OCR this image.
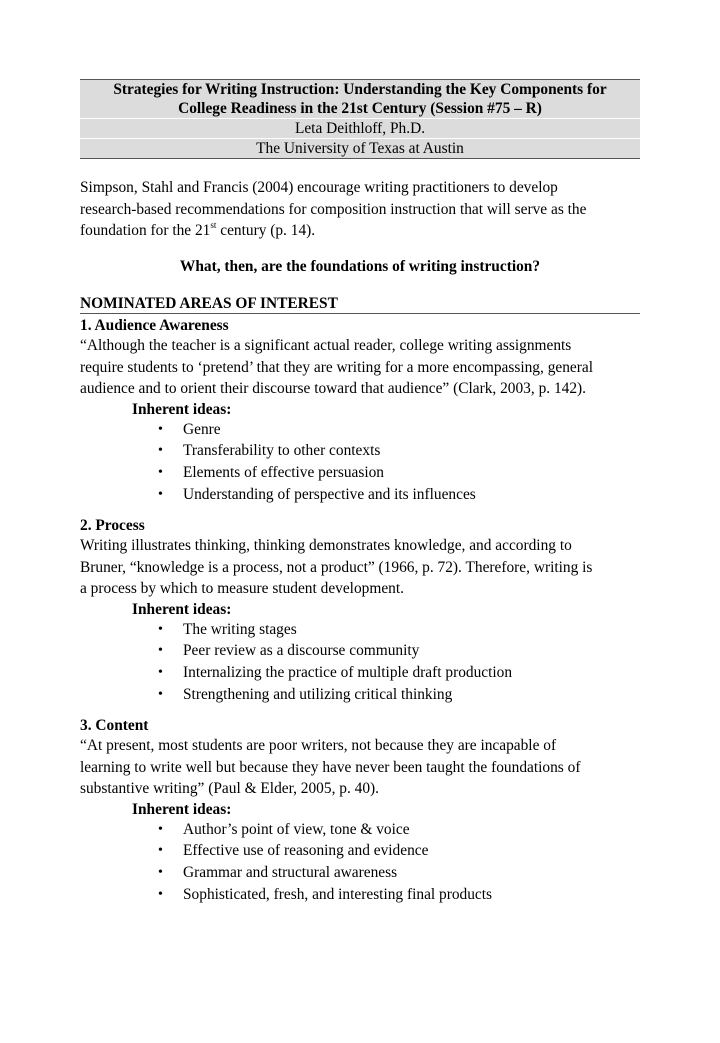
Strategies for Writing Instruction: Understanding the Key Components for
College Readiness in the 21st Century (Session #75 – R)
Leta Deithloff, Ph.D.
The University of Texas at Austin
Simpson, Stahl and Francis (2004) encourage writing practitioners to develop
research-based recommendations for composition instruction that will serve as the
foundation for the 21st century (p. 14).
What, then, are the foundations of writing instruction?
NOMINATED AREAS OF INTEREST
1. Audience Awareness
“Although the teacher is a significant actual reader, college writing assignments
require students to ‘pretend’ that they are writing for a more encompassing, general
audience and to orient their discourse toward that audience” (Clark, 2003, p. 142).
Inherent ideas:
• Genre
• Transferability to other contexts
• Elements of effective persuasion
• Understanding of perspective and its influences
2. Process
Writing illustrates thinking, thinking demonstrates knowledge, and according to
Bruner, “knowledge is a process, not a product” (1966, p. 72). Therefore, writing is
a process by which to measure student development.
Inherent ideas:
• The writing stages
• Peer review as a discourse community
• Internalizing the practice of multiple draft production
• Strengthening and utilizing critical thinking
3. Content
“At present, most students are poor writers, not because they are incapable of
learning to write well but because they have never been taught the foundations of
substantive writing” (Paul & Elder, 2005, p. 40).
Inherent ideas:
• Author’s point of view, tone & voice
• Effective use of reasoning and evidence
• Grammar and structural awareness
• Sophisticated, fresh, and interesting final products
